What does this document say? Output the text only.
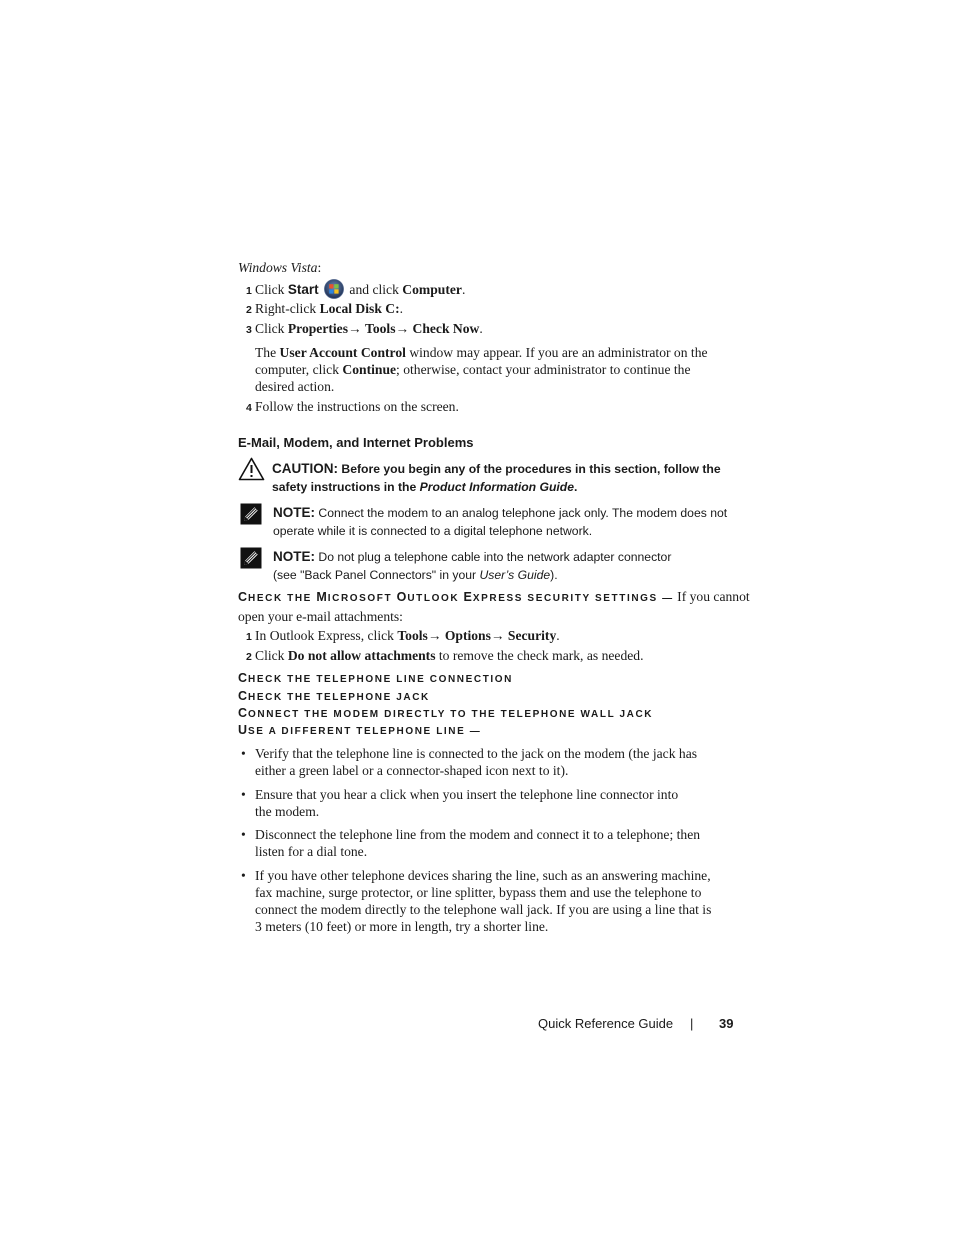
Windows Vista:
1 Click Start  and click Computer.
2 Right-click Local Disk C:.
3 Click Properties→ Tools→ Check Now.
The User Account Control window may appear. If you are an administrator on the
computer, click Continue; otherwise, contact your administrator to continue the
desired action.
4 Follow the instructions on the screen.
E-Mail, Modem, and Internet Problems
CAUTION: Before you begin any of the procedures in this section, follow the
safety instructions in the Product Information Guide.
NOTE: Connect the modem to an analog telephone jack only. The modem does not
operate while it is connected to a digital telephone network.
NOTE: Do not plug a telephone cable into the network adapter connector
(see "Back Panel Connectors" in your User’s Guide).
CHECK THE MICROSOFT OUTLOOK EXPRESS SECURITY SETTINGS — If you cannot
open your e-mail attachments:
1 In Outlook Express, click Tools→ Options→ Security.
2 Click Do not allow attachments to remove the check mark, as needed.
CHECK THE TELEPHONE LINE CONNECTION
CHECK THE TELEPHONE JACK
CONNECT THE MODEM DIRECTLY TO THE TELEPHONE WALL JACK
USE A DIFFERENT TELEPHONE LINE —
• Verify that the telephone line is connected to the jack on the modem (the jack has
either a green label or a connector-shaped icon next to it).
• Ensure that you hear a click when you insert the telephone line connector into
the modem.
• Disconnect the telephone line from the modem and connect it to a telephone; then
listen for a dial tone.
• If you have other telephone devices sharing the line, such as an answering machine,
fax machine, surge protector, or line splitter, bypass them and use the telephone to
connect the modem directly to the telephone wall jack. If you are using a line that is
3 meters (10 feet) or more in length, try a shorter line.
Quick Reference Guide | 39
